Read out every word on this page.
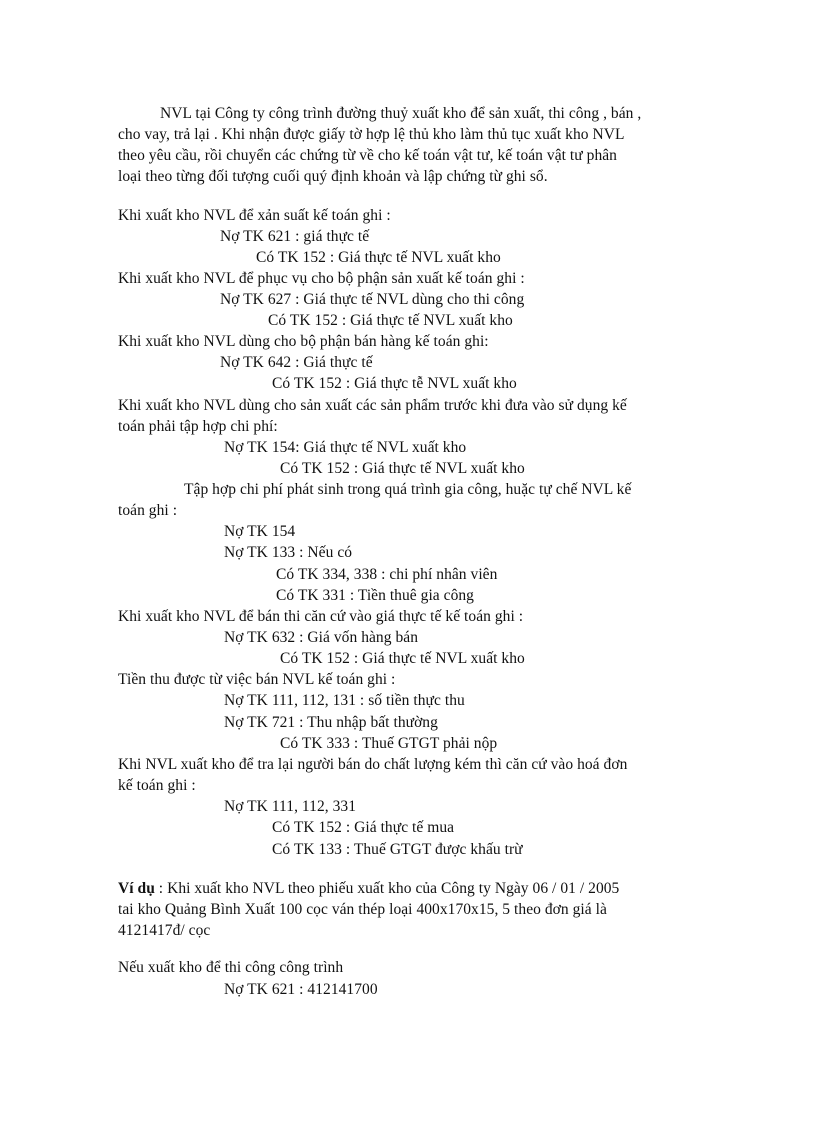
NVL tại Công ty công trình đường thuỷ xuất kho để sản xuất, thi công , bán ,
cho vay, trả lại . Khi nhận được giấy tờ hợp lệ thủ kho làm thủ tục xuất kho NVL
theo yêu cầu, rồi chuyển các chứng từ về cho kế toán vật tư, kế toán vật tư phân
loại theo từng đối tượng cuối quý định khoản và lập chứng từ ghi sổ.
Khi xuất kho NVL để xản suất kế toán ghi :
Nợ TK 621 : giá thực tế
Có TK 152 : Giá thực tế NVL xuất kho
Khi xuất kho NVL để phục vụ cho bộ phận sản xuất kế toán ghi :
Nợ TK 627 : Giá thực tế NVL dùng cho thi công
Có TK 152 : Giá thực tế NVL xuất kho
Khi xuất kho NVL dùng cho bộ phận bán hàng kế toán ghi:
Nợ TK 642 : Giá thực tế
Có TK 152 : Giá thực tễ NVL xuất kho
Khi xuất kho NVL dùng cho sản xuất các sản phẩm trước khi đưa vào sử dụng kế
toán phải tập hợp chi phí:
Nợ TK 154: Giá thực tế NVL xuất kho
Có TK 152 : Giá thực tế NVL xuất kho
Tập hợp chi phí phát sinh trong quá trình gia công, huặc tự chế NVL kế
toán ghi :
Nợ TK 154
Nợ TK 133 : Nếu có
Có TK 334, 338 : chi phí nhân viên
Có TK 331 : Tiền thuê gia công
Khi xuất kho NVL để bán thi căn cứ vào giá thực tế kế toán ghi :
Nợ TK 632 : Giá vốn hàng bán
Có TK 152 : Giá thực tế NVL xuất kho
Tiền thu được từ việc bán NVL kế toán ghi :
Nợ TK 111, 112, 131 : số tiền thực thu
Nợ TK 721 : Thu nhập bất thường
Có TK 333 : Thuế GTGT phải nộp
Khi NVL xuất kho để tra lại người bán do chất lượng kém thì căn cứ vào hoá đơn
kế toán ghi :
Nợ TK 111, 112, 331
Có TK 152 : Giá thực tế mua
Có TK 133 : Thuế GTGT được khấu trừ
Ví dụ : Khi xuất kho NVL theo phiếu xuất kho của Công ty Ngày 06 / 01 / 2005
tai kho Quảng Bình Xuất 100 cọc ván thép loại 400x170x15, 5 theo đơn giá là
4121417đ/ cọc
Nếu xuất kho để thi công công trình
Nợ TK 621 : 412141700
